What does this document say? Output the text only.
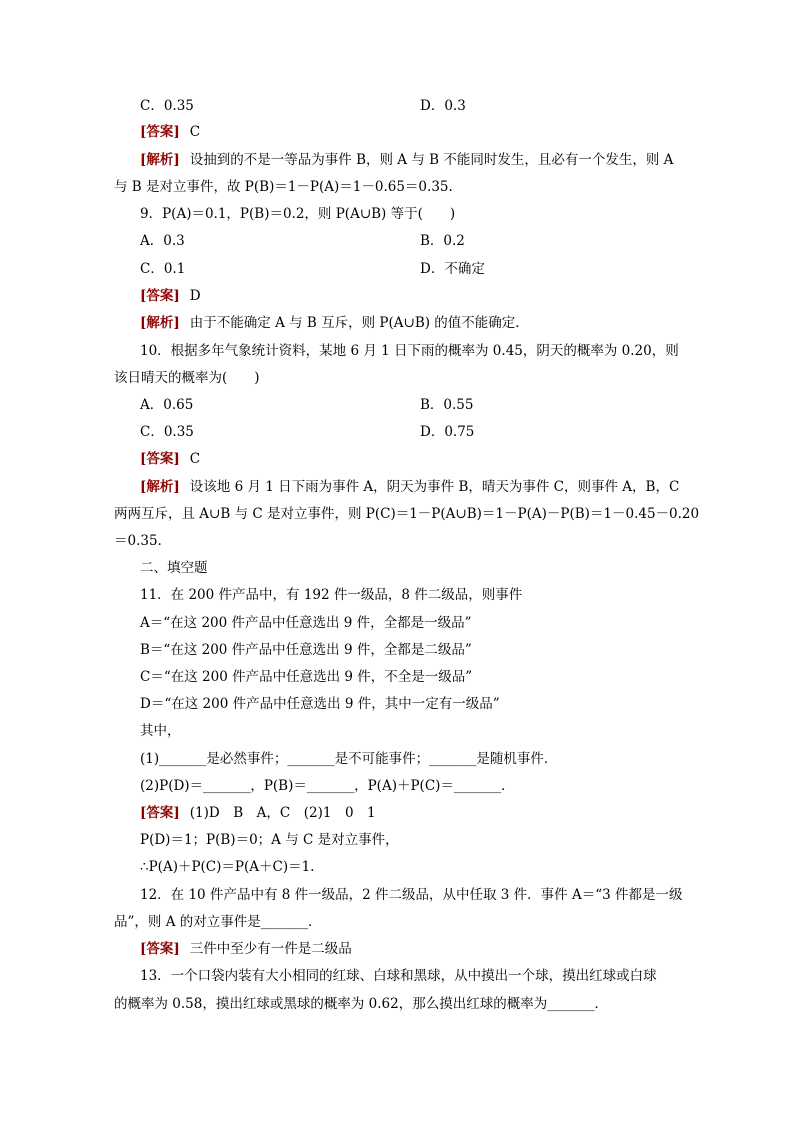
C．0.35	D．0.3
[答案] C
[解析] 设抽到的不是一等品为事件 B，则 A 与 B 不能同时发生，且必有一个发生，则 A
与 B 是对立事件，故 P(B)＝1－P(A)＝1－0.65＝0.35.
9．P(A)＝0.1，P(B)＝0.2，则 P(A∪B) 等于(　　)
A．0.3	B．0.2
C．0.1	D．不确定
[答案] D
[解析] 由于不能确定 A 与 B 互斥，则 P(A∪B) 的值不能确定．
10．根据多年气象统计资料，某地 6 月 1 日下雨的概率为 0.45，阴天的概率为 0.20，则
该日晴天的概率为(　　)
A．0.65	B．0.55
C．0.35	D．0.75
[答案] C
[解析] 设该地 6 月 1 日下雨为事件 A，阴天为事件 B，晴天为事件 C，则事件 A，B，C
两两互斥，且 A∪B 与 C 是对立事件，则 P(C)＝1－P(A∪B)＝1－P(A)－P(B)＝1－0.45－0.20
＝0.35.
二、填空题
11．在 200 件产品中，有 192 件一级品，8 件二级品，则事件
A＝“在这 200 件产品中任意选出 9 件，全都是一级品”
B＝“在这 200 件产品中任意选出 9 件，全都是二级品”
C＝“在这 200 件产品中任意选出 9 件，不全是一级品”
D＝“在这 200 件产品中任意选出 9 件，其中一定有一级品”
其中，
(1)_______是必然事件；_______是不可能事件；_______是随机事件．
(2)P(D)＝_______，P(B)＝_______，P(A)＋P(C)＝_______．
[答案] (1)D　B　A，C　(2)1　0　1
P(D)＝1；P(B)＝0；A 与 C 是对立事件，
∴P(A)＋P(C)＝P(A＋C)＝1.
12．在 10 件产品中有 8 件一级品，2 件二级品，从中任取 3 件．事件 A＝“3 件都是一级
品”，则 A 的对立事件是_______．
[答案] 三件中至少有一件是二级品
13．一个口袋内装有大小相同的红球、白球和黑球，从中摸出一个球，摸出红球或白球
的概率为 0.58，摸出红球或黑球的概率为 0.62，那么摸出红球的概率为_______．
